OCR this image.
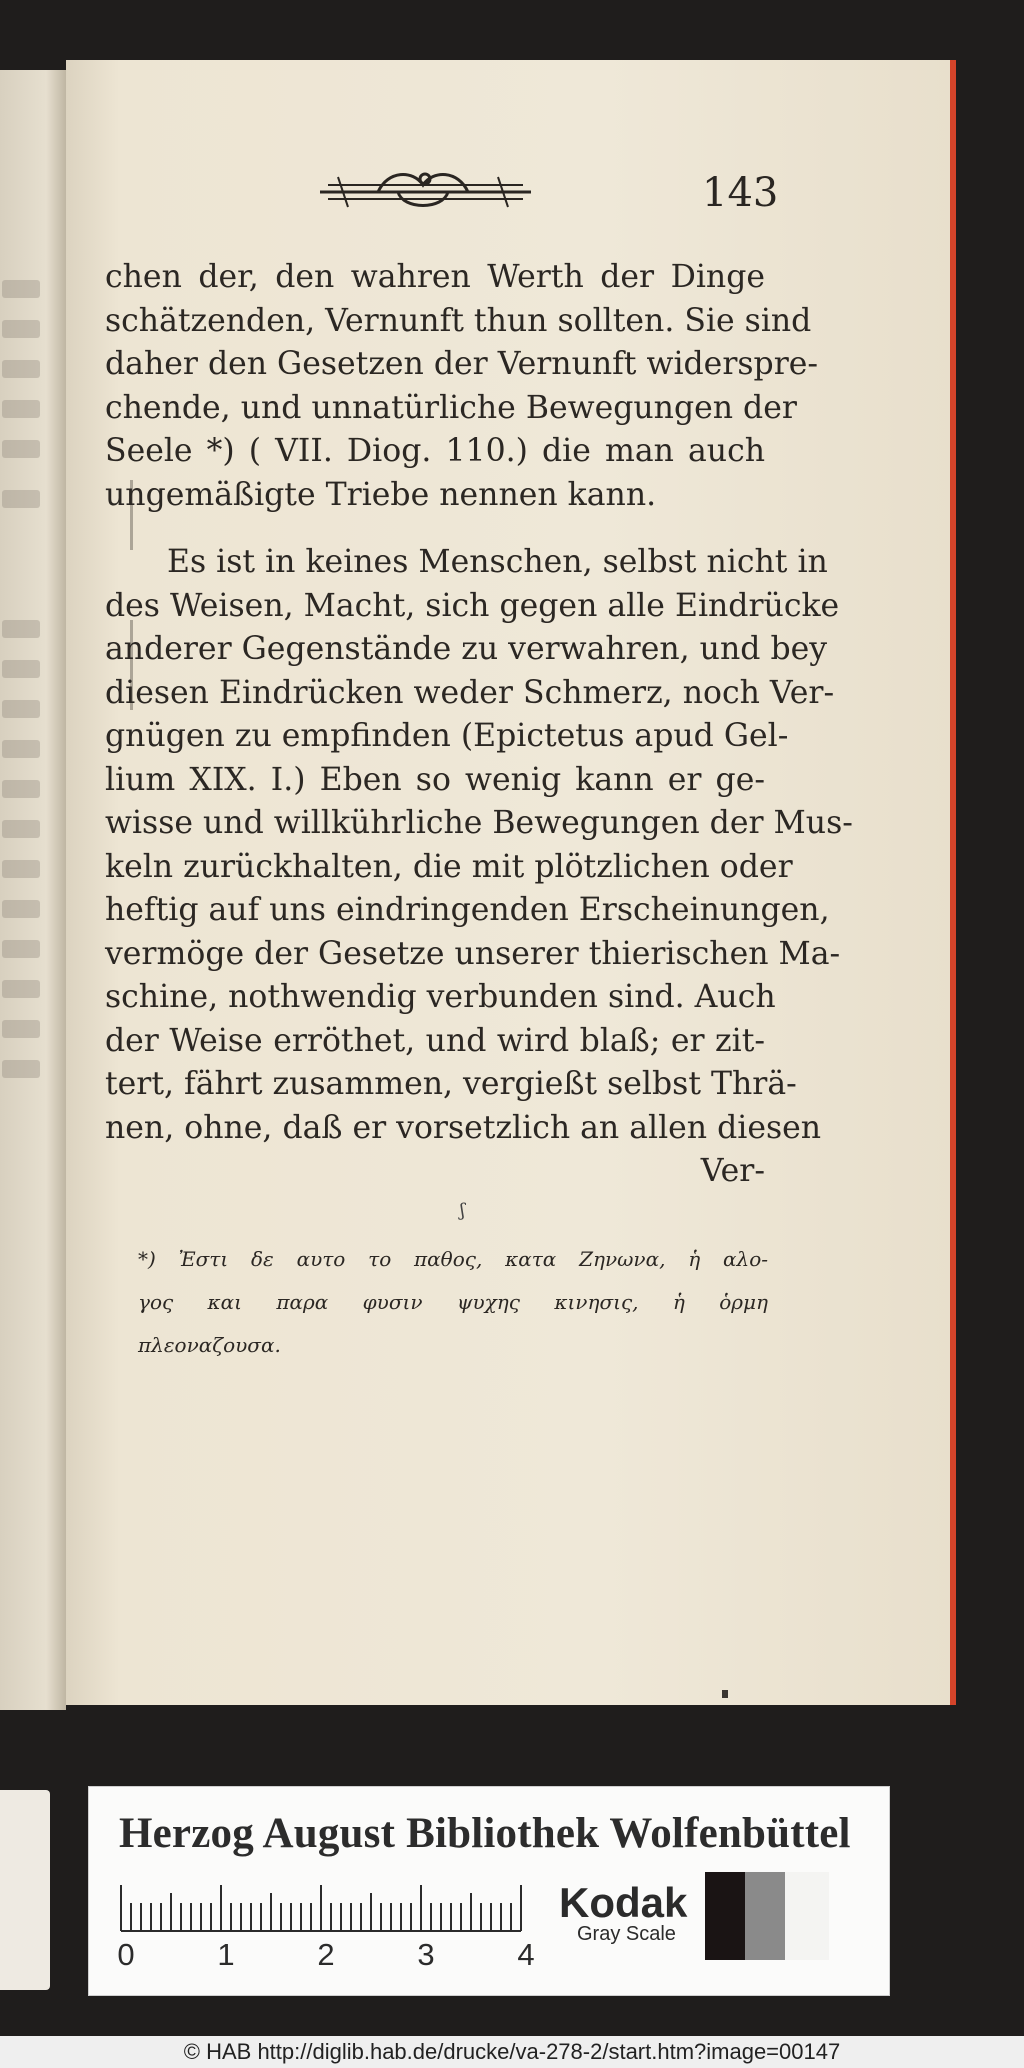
143
chen der, den wahren Werth der Dinge
schätzenden, Vernunft thun sollten. Sie sind
daher den Gesetzen der Vernunft widerspre-
chende, und unnatürliche Bewegungen der
Seele *) ( VII. Diog. 110.) die man auch
ungemäßigte Triebe nennen kann.
Es ist in keines Menschen, selbst nicht in
des Weisen, Macht, sich gegen alle Eindrücke
anderer Gegenstände zu verwahren, und bey
diesen Eindrücken weder Schmerz, noch Ver-
gnügen zu empfinden (Epictetus apud Gel-
lium XIX. I.) Eben so wenig kann er ge-
wisse und willkührliche Bewegungen der Mus-
keln zurückhalten, die mit plötzlichen oder
heftig auf uns eindringenden Erscheinungen,
vermöge der Gesetze unserer thierischen Ma-
schine, nothwendig verbunden sind. Auch
der Weise erröthet, und wird blaß; er zit-
tert, fährt zusammen, vergießt selbst Thrä-
nen, ohne, daß er vorsetzlich an allen diesen
Ver-
ʃ
*) Ἐστι δε αυτο το παθος, κατα Ζηνωνα, ἡ αλο-
γος και παρα φυσιν ψυχης κινησις, ἡ ὁρμη
πλεοναζουσα.
Herzog August Bibliothek Wolfenbüttel
0	1	2	3	4
Kodak
Gray Scale
© HAB http://diglib.hab.de/drucke/va-278-2/start.htm?image=00147
